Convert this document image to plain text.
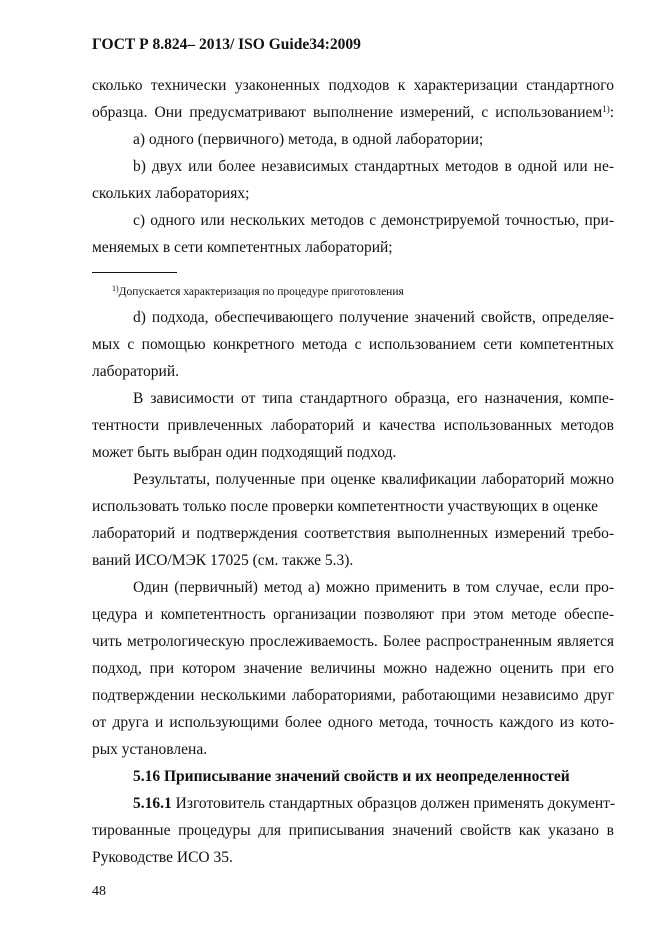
ГОСТ Р 8.824– 2013/ ISO Guide34:2009
сколько технически узаконенных подходов к характеризации стандартного
образца. Они предусматривают выполнение измерений, с использованием$^{1)}$:
a) одного (первичного) метода, в одной лаборатории;
b) двух или более независимых стандартных методов в одной или не-
скольких лабораториях;
c) одного или нескольких методов с демонстрируемой точностью, при-
меняемых в сети компетентных лабораторий;
$^{1)}$Допускается характеризация по процедуре приготовления
d) подхода, обеспечивающего получение значений свойств, определяе-
мых с помощью конкретного метода с использованием сети компетентных
лабораторий.
В зависимости от типа стандартного образца, его назначения, компе-
тентности привлеченных лабораторий и качества использованных методов
может быть выбран один подходящий подход.
Результаты, полученные при оценке квалификации лабораторий можно
использовать только после проверки компетентности участвующих в оценке
лабораторий и подтверждения соответствия выполненных измерений требо-
ваний ИСО/МЭК 17025 (см. также 5.3).
Один (первичный) метод a) можно применить в том случае, если про-
цедура и компетентность организации позволяют при этом методе обеспе-
чить метрологическую прослеживаемость. Более распространенным является
подход, при котором значение величины можно надежно оценить при его
подтверждении несколькими лабораториями, работающими независимо друг
от друга и использующими более одного метода, точность каждого из кото-
рых установлена.
5.16 Приписывание значений свойств и их неопределенностей
5.16.1 Изготовитель стандартных образцов должен применять документ-
тированные процедуры для приписывания значений свойств как указано в
Руководстве ИСО 35.
48
